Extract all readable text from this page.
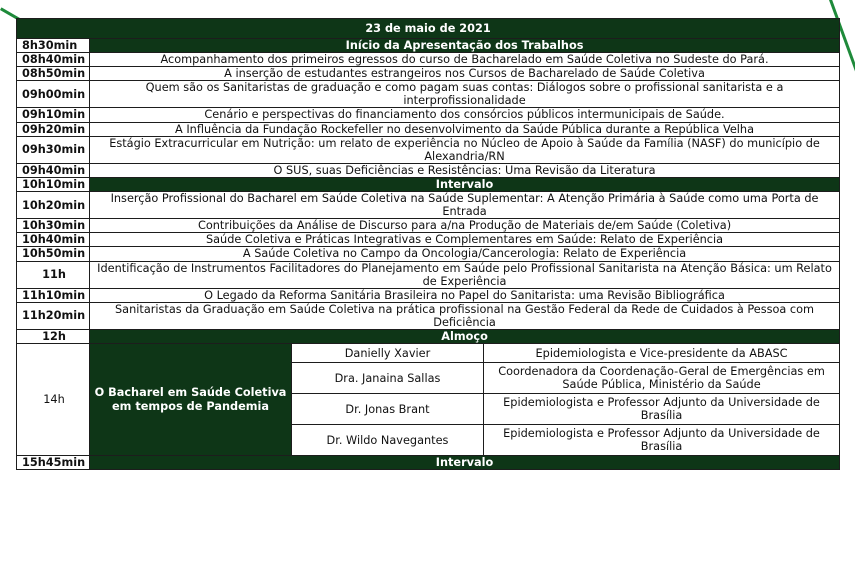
23 de maio de 2021			
8h30min	Início da Apresentação dos Trabalhos		
08h40min	Acompanhamento dos primeiros egressos do curso de Bacharelado em Saúde Coletiva no Sudeste do Pará.		
08h50min	A inserção de estudantes estrangeiros nos Cursos de Bacharelado de Saúde Coletiva		
09h00min	Quem são os Sanitaristas de graduação e como pagam suas contas: Diálogos sobre o profissional sanitarista e a interprofissionalidade		
09h10min	Cenário e perspectivas do financiamento dos consórcios públicos intermunicipais de Saúde.		
09h20min	A Influência da Fundação Rockefeller no desenvolvimento da Saúde Pública durante a República Velha		
09h30min	Estágio Extracurricular em Nutrição: um relato de experiência no Núcleo de Apoio à Saúde da Família (NASF) do município de Alexandria/RN		
09h40min	O SUS, suas Deficiências e Resistências: Uma Revisão da Literatura		
10h10min	Intervalo		
10h20min	Inserção Profissional do Bacharel em Saúde Coletiva na Saúde Suplementar: A Atenção Primária à Saúde como uma Porta de Entrada		
10h30min	Contribuições da Análise de Discurso para a/na Produção de Materiais de/em Saúde (Coletiva)		
10h40min	Saúde Coletiva e Práticas Integrativas e Complementares em Saúde: Relato de Experiência		
10h50min	A Saúde Coletiva no Campo da Oncologia/Cancerologia: Relato de Experiência		
11h	Identificação de Instrumentos Facilitadores do Planejamento em Saúde pelo Profissional Sanitarista na Atenção Básica: um Relato de Experiência		
11h10min	O Legado da Reforma Sanitária Brasileira no Papel do Sanitarista: uma Revisão Bibliográfica		
11h20min	Sanitaristas da Graduação em Saúde Coletiva na prática profissional na Gestão Federal da Rede de Cuidados à Pessoa com Deficiência		
12h	Almoço		
14h	O Bacharel em Saúde Coletiva em tempos de Pandemia	Danielly Xavier	Epidemiologista e Vice-presidente da ABASC
		Dra. Janaina Sallas	Coordenadora da Coordenação-Geral de Emergências em Saúde Pública, Ministério da Saúde
		Dr. Jonas Brant	Epidemiologista e Professor Adjunto da Universidade de Brasília
		Dr. Wildo Navegantes	Epidemiologista e Professor Adjunto da Universidade de Brasília
15h45min	Intervalo		
